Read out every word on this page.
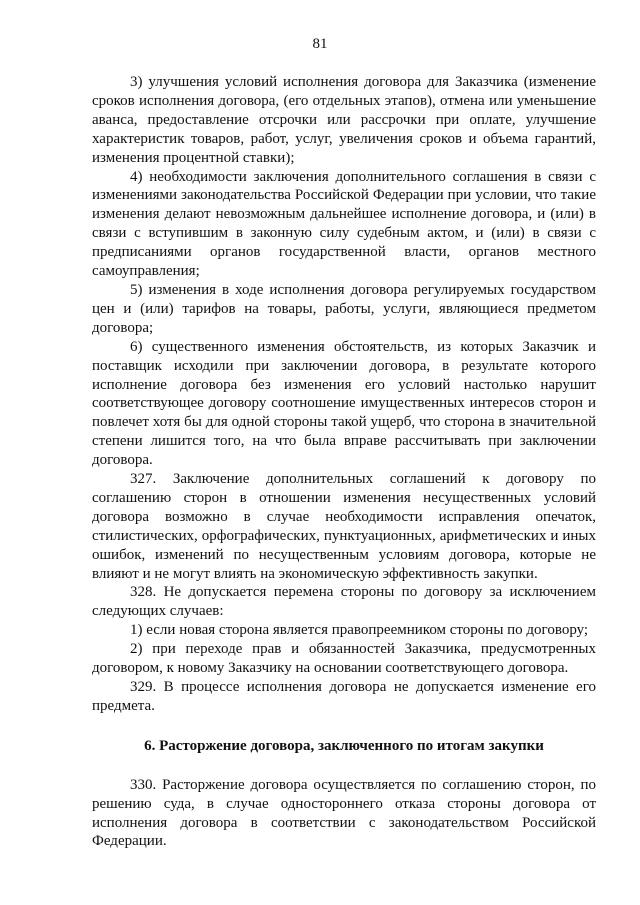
81

3) улучшения условий исполнения договора для Заказчика (изменение сроков исполнения договора, (его отдельных этапов), отмена или уменьшение аванса, предоставление отсрочки или рассрочки при оплате, улучшение характеристик товаров, работ, услуг, увеличения сроков и объема гарантий, изменения процентной ставки);

4) необходимости заключения дополнительного соглашения в связи с изменениями законодательства Российской Федерации при условии, что такие изменения делают невозможным дальнейшее исполнение договора, и (или) в связи с вступившим в законную силу судебным актом, и (или) в связи с предписаниями органов государственной власти, органов местного самоуправления;

5) изменения в ходе исполнения договора регулируемых государством цен и (или) тарифов на товары, работы, услуги, являющиеся предметом договора;

6) существенного изменения обстоятельств, из которых Заказчик и поставщик исходили при заключении договора, в результате которого исполнение договора без изменения его условий настолько нарушит соответствующее договору соотношение имущественных интересов сторон и повлечет хотя бы для одной стороны такой ущерб, что сторона в значительной степени лишится того, на что была вправе рассчитывать при заключении договора.

327. Заключение дополнительных соглашений к договору по соглашению сторон в отношении изменения несущественных условий договора возможно в случае необходимости исправления опечаток, стилистических, орфографических, пунктуационных, арифметических и иных ошибок, изменений по несущественным условиям договора, которые не влияют и не могут влиять на экономическую эффективность закупки.

328. Не допускается перемена стороны по договору за исключением следующих случаев:

1) если новая сторона является правопреемником стороны по договору;

2) при переходе прав и обязанностей Заказчика, предусмотренных договором, к новому Заказчику на основании соответствующего договора.

329. В процессе исполнения договора не допускается изменение его предмета.

6. Расторжение договора, заключенного по итогам закупки

330. Расторжение договора осуществляется по соглашению сторон, по решению суда, в случае одностороннего отказа стороны договора от исполнения договора в соответствии с законодательством Российской Федерации.
